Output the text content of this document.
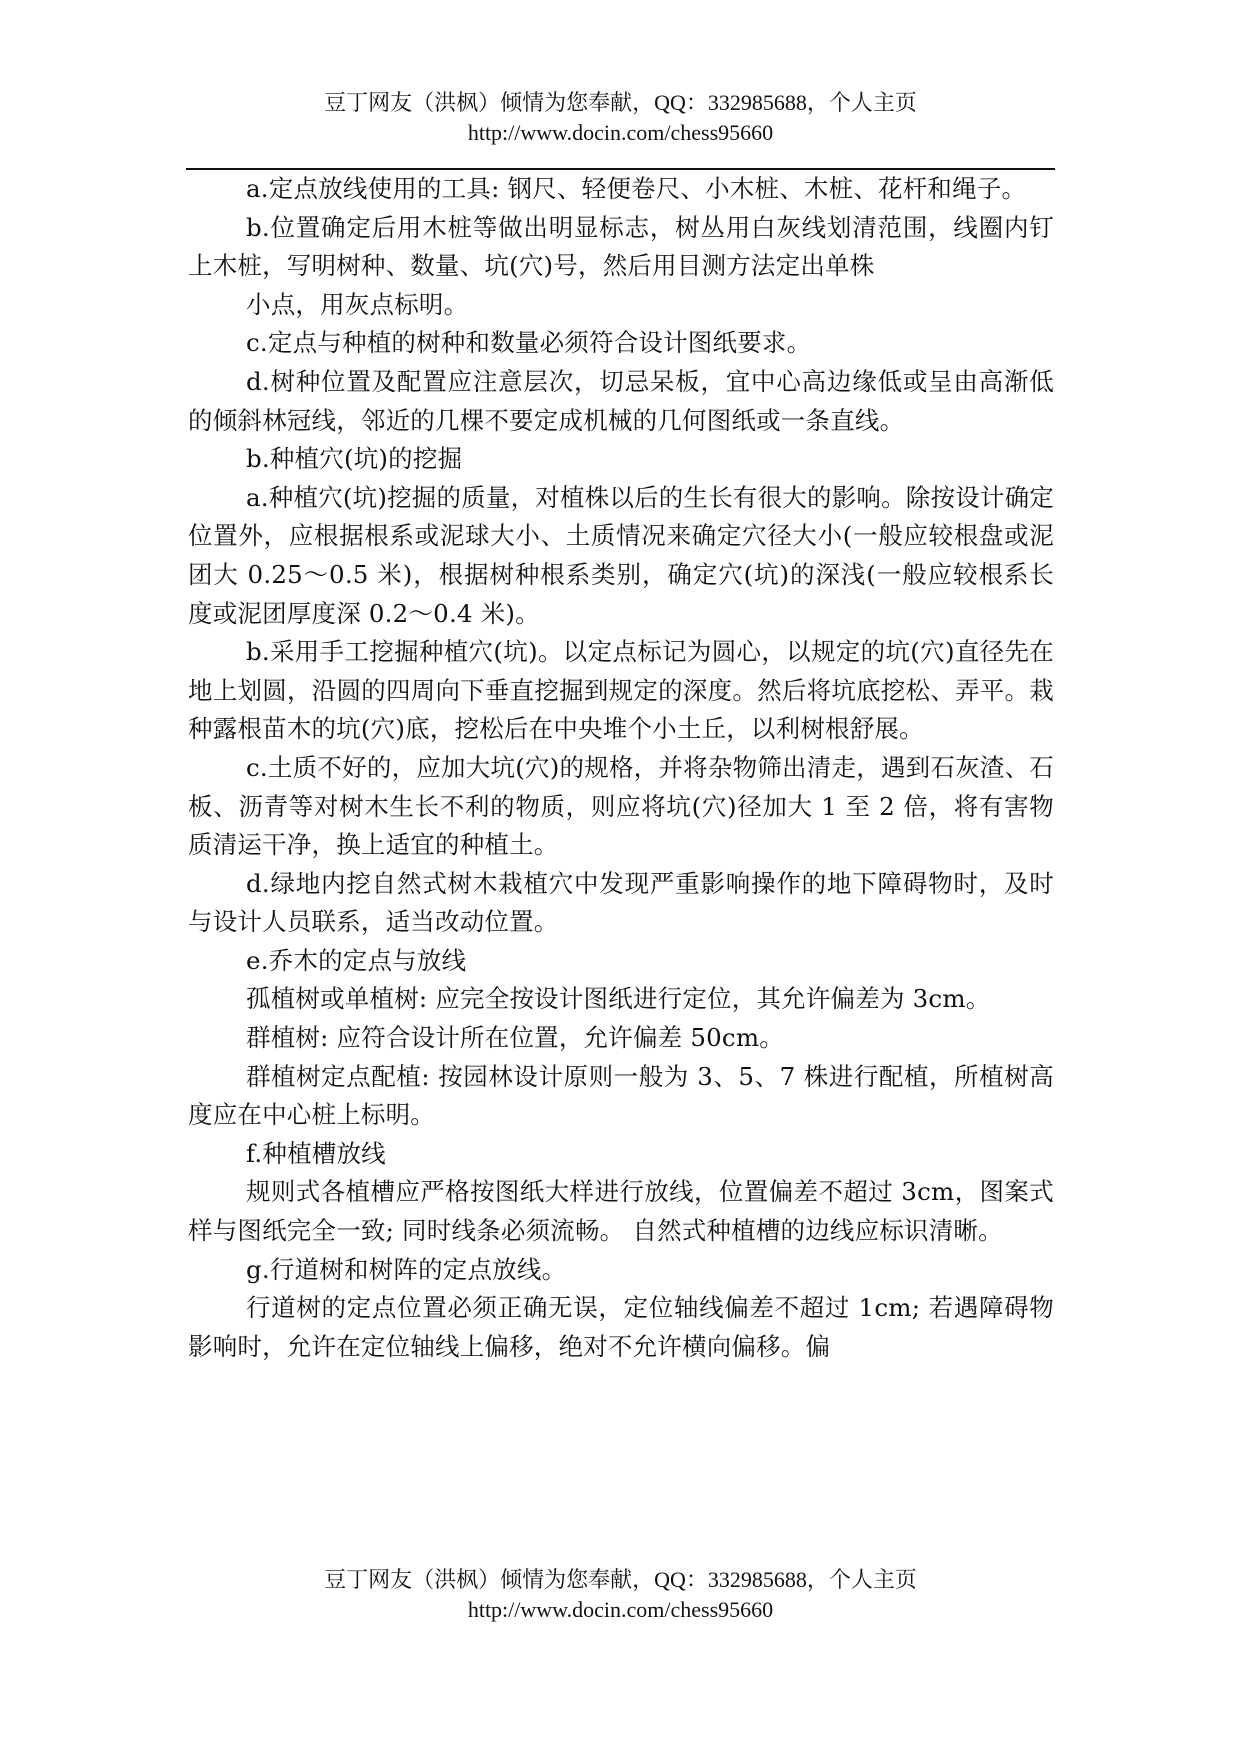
豆丁网友（洪枫）倾情为您奉献，QQ：332985688，个人主页
http://www.docin.com/chess95660

a.定点放线使用的工具: 钢尺、轻便卷尺、小木桩、木桩、花杆和绳子。

b.位置确定后用木桩等做出明显标志，树丛用白灰线划清范围，线圈内钉上木桩，写明树种、数量、坑(穴)号，然后用目测方法定出单株

小点，用灰点标明。

c.定点与种植的树种和数量必须符合设计图纸要求。

d.树种位置及配置应注意层次，切忌呆板，宜中心高边缘低或呈由高渐低的倾斜林冠线，邻近的几棵不要定成机械的几何图纸或一条直线。

b.种植穴(坑)的挖掘

a.种植穴(坑)挖掘的质量，对植株以后的生长有很大的影响。除按设计确定位置外，应根据根系或泥球大小、土质情况来确定穴径大小(一般应较根盘或泥团大 0.25～0.5 米)，根据树种根系类别，确定穴(坑)的深浅(一般应较根系长度或泥团厚度深 0.2～0.4 米)。

b.采用手工挖掘种植穴(坑)。以定点标记为圆心，以规定的坑(穴)直径先在地上划圆，沿圆的四周向下垂直挖掘到规定的深度。然后将坑底挖松、弄平。栽种露根苗木的坑(穴)底，挖松后在中央堆个小土丘，以利树根舒展。

c.土质不好的，应加大坑(穴)的规格，并将杂物筛出清走，遇到石灰渣、石板、沥青等对树木生长不利的物质，则应将坑(穴)径加大 1 至 2 倍，将有害物质清运干净，换上适宜的种植土。

d.绿地内挖自然式树木栽植穴中发现严重影响操作的地下障碍物时，及时与设计人员联系，适当改动位置。

e.乔木的定点与放线

孤植树或单植树: 应完全按设计图纸进行定位，其允许偏差为 3cm。

群植树: 应符合设计所在位置，允许偏差 50cm。

群植树定点配植: 按园林设计原则一般为 3、5、7 株进行配植，所植树高度应在中心桩上标明。

f.种植槽放线

规则式各植槽应严格按图纸大样进行放线，位置偏差不超过 3cm，图案式样与图纸完全一致; 同时线条必须流畅。 自然式种植槽的边线应标识清晰。

g.行道树和树阵的定点放线。

行道树的定点位置必须正确无误，定位轴线偏差不超过 1cm; 若遇障碍物影响时，允许在定位轴线上偏移，绝对不允许横向偏移。偏

豆丁网友（洪枫）倾情为您奉献，QQ：332985688，个人主页
http://www.docin.com/chess95660
